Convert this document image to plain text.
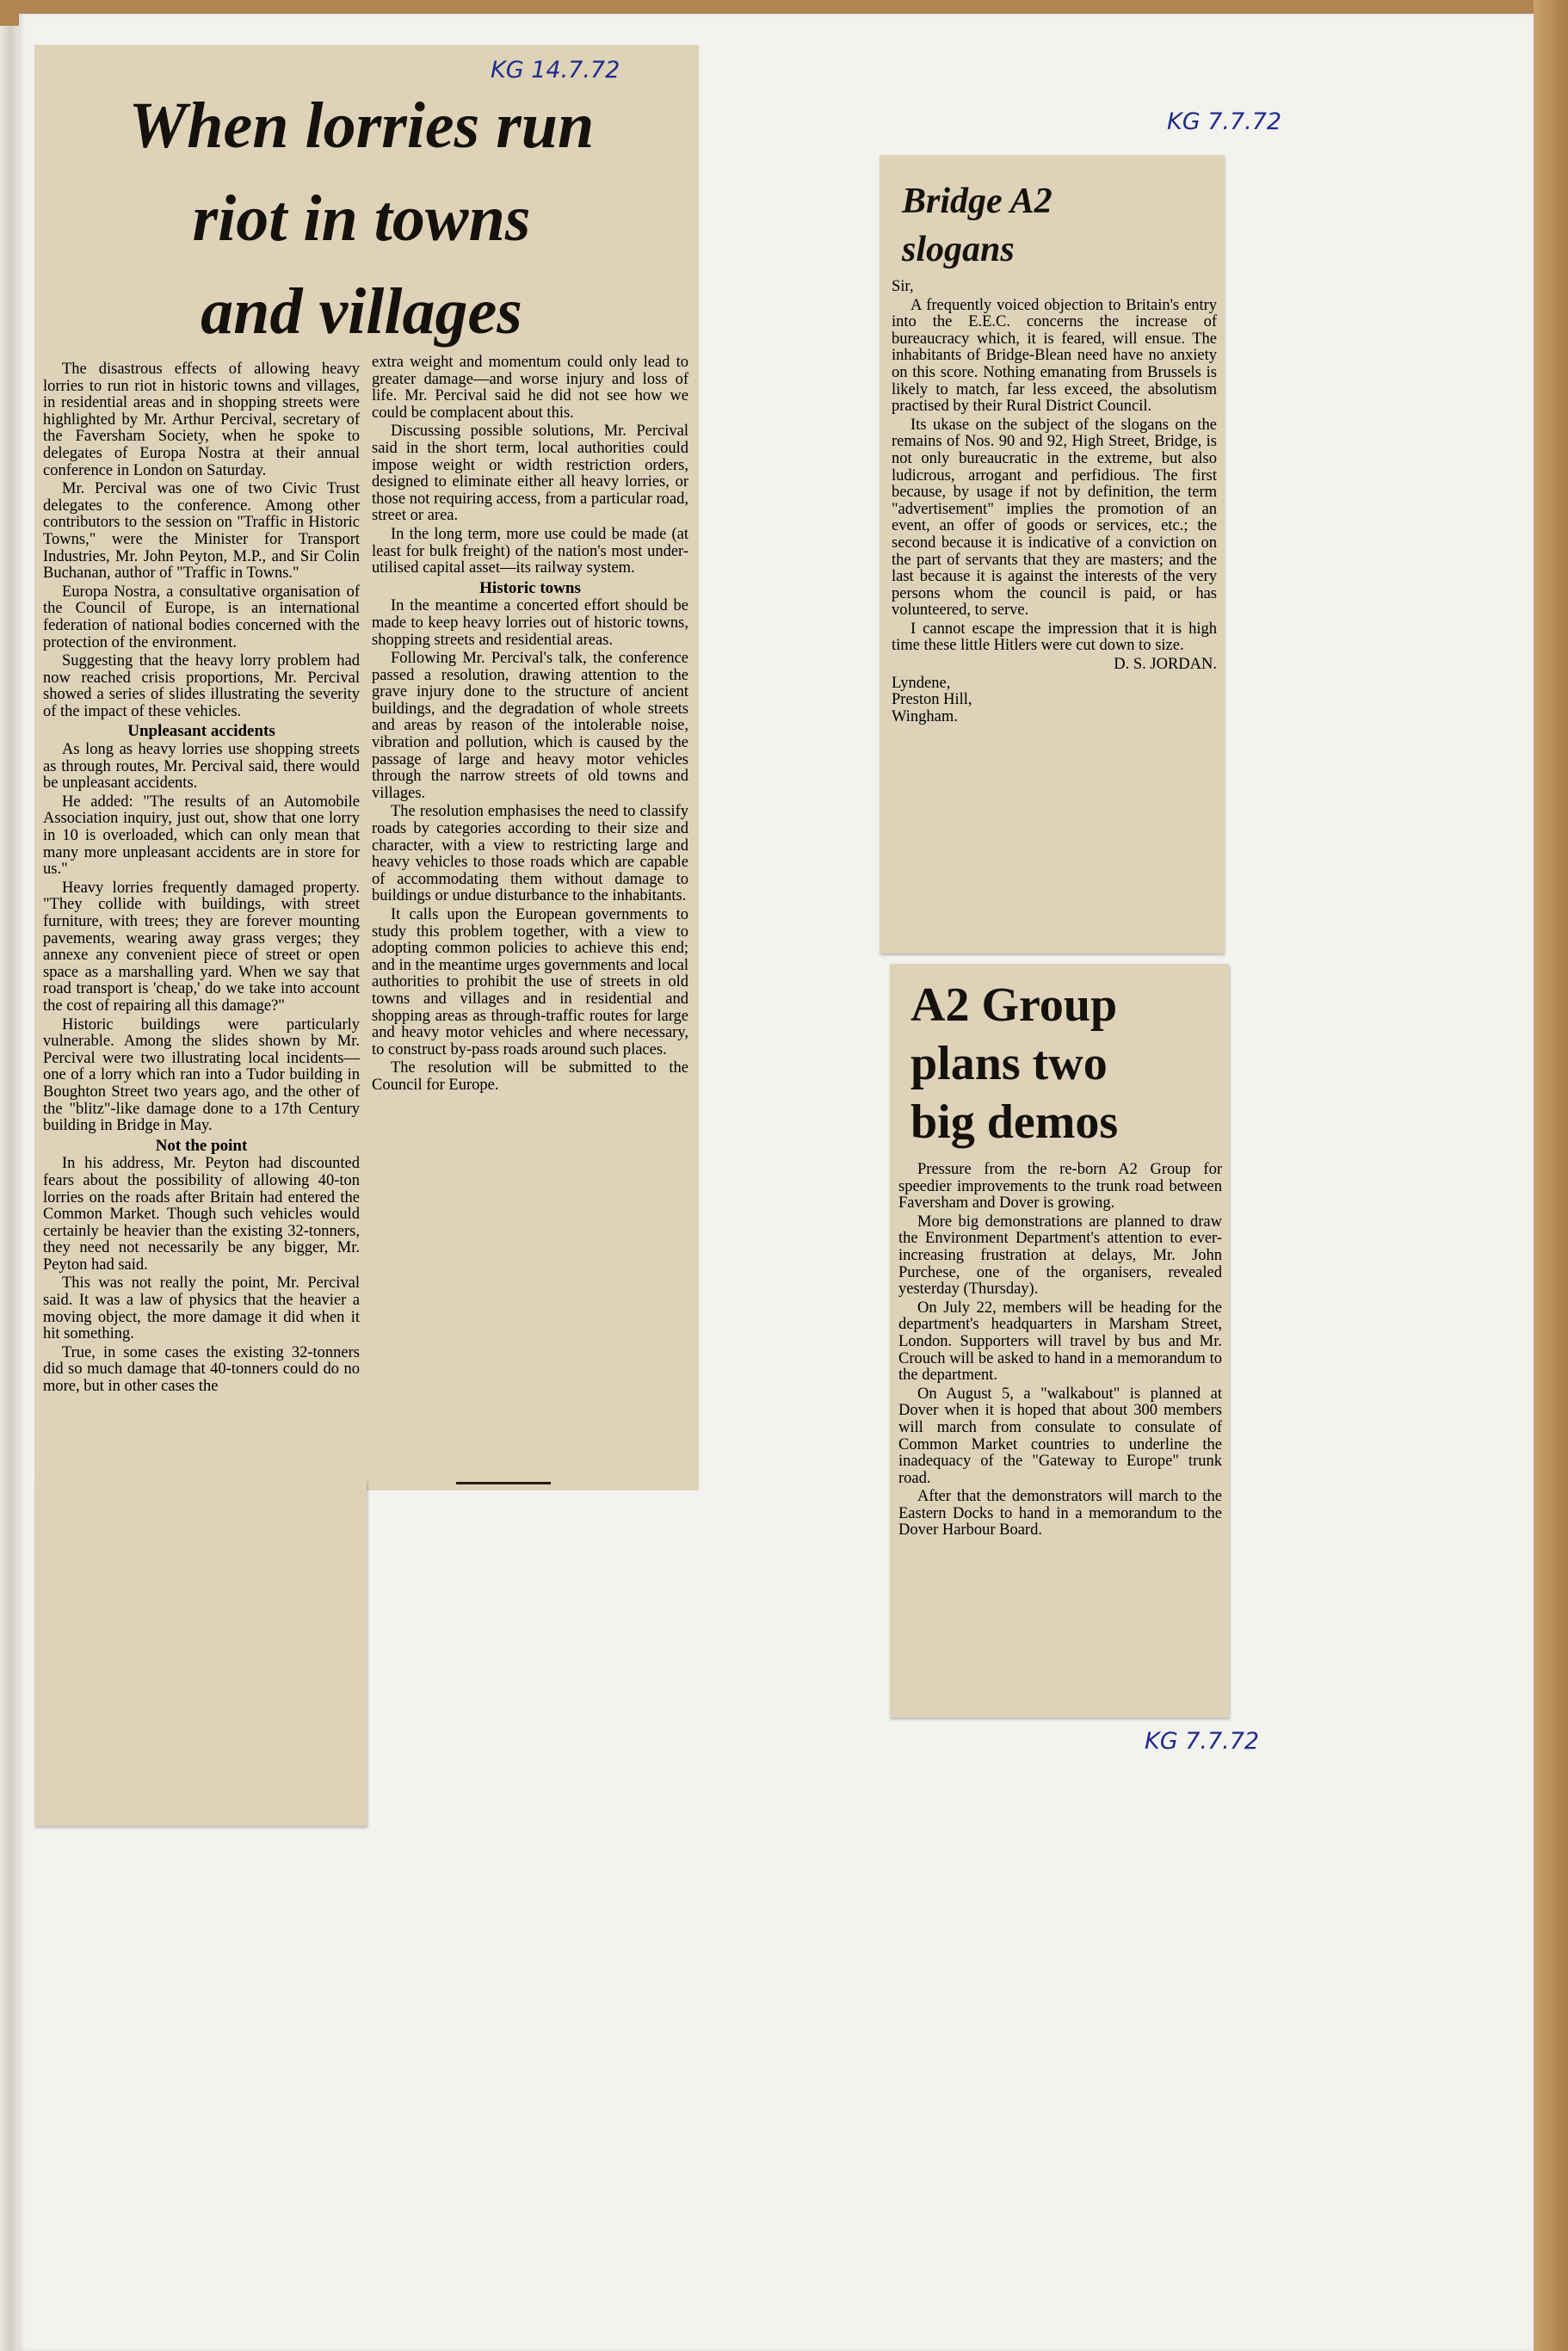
When lorries run
riot in towns
and villages

The disastrous effects of allowing heavy lorries to run riot in historic towns and villages, in residential areas and in shopping streets were highlighted by Mr. Arthur Percival, secretary of the Faversham Society, when he spoke to delegates of Europa Nostra at their annual conference in London on Saturday.

Mr. Percival was one of two Civic Trust delegates to the conference. Among other contributors to the session on "Traffic in Historic Towns," were the Minister for Transport Industries, Mr. John Peyton, M.P., and Sir Colin Buchanan, author of "Traffic in Towns."

Europa Nostra, a consultative organisation of the Council of Europe, is an international federation of national bodies concerned with the protection of the environment.

Suggesting that the heavy lorry problem had now reached crisis proportions, Mr. Percival showed a series of slides illustrating the severity of the impact of these vehicles.

Unpleasant accidents

As long as heavy lorries use shopping streets as through routes, Mr. Percival said, there would be unpleasant accidents.

He added: "The results of an Automobile Association inquiry, just out, show that one lorry in 10 is overloaded, which can only mean that many more unpleasant accidents are in store for us."

Heavy lorries frequently damaged property. "They collide with buildings, with street furniture, with trees; they are forever mounting pavements, wearing away grass verges; they annexe any convenient piece of street or open space as a marshalling yard. When we say that road transport is 'cheap,' do we take into account the cost of repairing all this damage?"

Historic buildings were particularly vulnerable. Among the slides shown by Mr. Percival were two illustrating local incidents—one of a lorry which ran into a Tudor building in Boughton Street two years ago, and the other of the "blitz"-like damage done to a 17th Century building in Bridge in May.

Not the point

In his address, Mr. Peyton had discounted fears about the possibility of allowing 40-ton lorries on the roads after Britain had entered the Common Market. Though such vehicles would certainly be heavier than the existing 32-tonners, they need not necessarily be any bigger, Mr. Peyton had said.

This was not really the point, Mr. Percival said. It was a law of physics that the heavier a moving object, the more damage it did when it hit something.

True, in some cases the existing 32-tonners did so much damage that 40-tonners could do no more, but in other cases the

extra weight and momentum could only lead to greater damage—and worse injury and loss of life. Mr. Percival said he did not see how we could be complacent about this.

Discussing possible solutions, Mr. Percival said in the short term, local authorities could impose weight or width restriction orders, designed to eliminate either all heavy lorries, or those not requiring access, from a particular road, street or area.

In the long term, more use could be made (at least for bulk freight) of the nation's most under-utilised capital asset—its railway system.

Historic towns

In the meantime a concerted effort should be made to keep heavy lorries out of historic towns, shopping streets and residential areas.

Following Mr. Percival's talk, the conference passed a resolution, drawing attention to the grave injury done to the structure of ancient buildings, and the degradation of whole streets and areas by reason of the intolerable noise, vibration and pollution, which is caused by the passage of large and heavy motor vehicles through the narrow streets of old towns and villages.

The resolution emphasises the need to classify roads by categories according to their size and character, with a view to restricting large and heavy vehicles to those roads which are capable of accommodating them without damage to buildings or undue disturbance to the inhabitants.

It calls upon the European governments to study this problem together, with a view to adopting common policies to achieve this end; and in the meantime urges governments and local authorities to prohibit the use of streets in old towns and villages and in residential and shopping areas as through-traffic routes for large and heavy motor vehicles and where necessary, to construct by-pass roads around such places.

The resolution will be submitted to the Council for Europe.

Bridge A2
slogans

Sir,

A frequently voiced objection to Britain's entry into the E.E.C. concerns the increase of bureaucracy which, it is feared, will ensue. The inhabitants of Bridge-Blean need have no anxiety on this score. Nothing emanating from Brussels is likely to match, far less exceed, the absolutism practised by their Rural District Council.

Its ukase on the subject of the slogans on the remains of Nos. 90 and 92, High Street, Bridge, is not only bureaucratic in the extreme, but also ludicrous, arrogant and perfidious. The first because, by usage if not by definition, the term "advertisement" implies the promotion of an event, an offer of goods or services, etc.; the second because it is indicative of a conviction on the part of servants that they are masters; and the last because it is against the interests of the very persons whom the council is paid, or has volunteered, to serve.

I cannot escape the impression that it is high time these little Hitlers were cut down to size.

D. S. JORDAN.

Lyndene,

Preston Hill,

Wingham.

A2 Group
plans two
big demos

Pressure from the re-born A2 Group for speedier improvements to the trunk road between Faversham and Dover is growing.

More big demonstrations are planned to draw the Environment Department's attention to ever-increasing frustration at delays, Mr. John Purchese, one of the organisers, revealed yesterday (Thursday).

On July 22, members will be heading for the department's headquarters in Marsham Street, London. Supporters will travel by bus and Mr. Crouch will be asked to hand in a memorandum to the department.

On August 5, a "walkabout" is planned at Dover when it is hoped that about 300 members will march from consulate to consulate of Common Market countries to underline the inadequacy of the "Gateway to Europe" trunk road.

After that the demonstrators will march to the Eastern Docks to hand in a memorandum to the Dover Harbour Board.

KG 14.7.72
KG 7.7.72
KG 7.7.72
